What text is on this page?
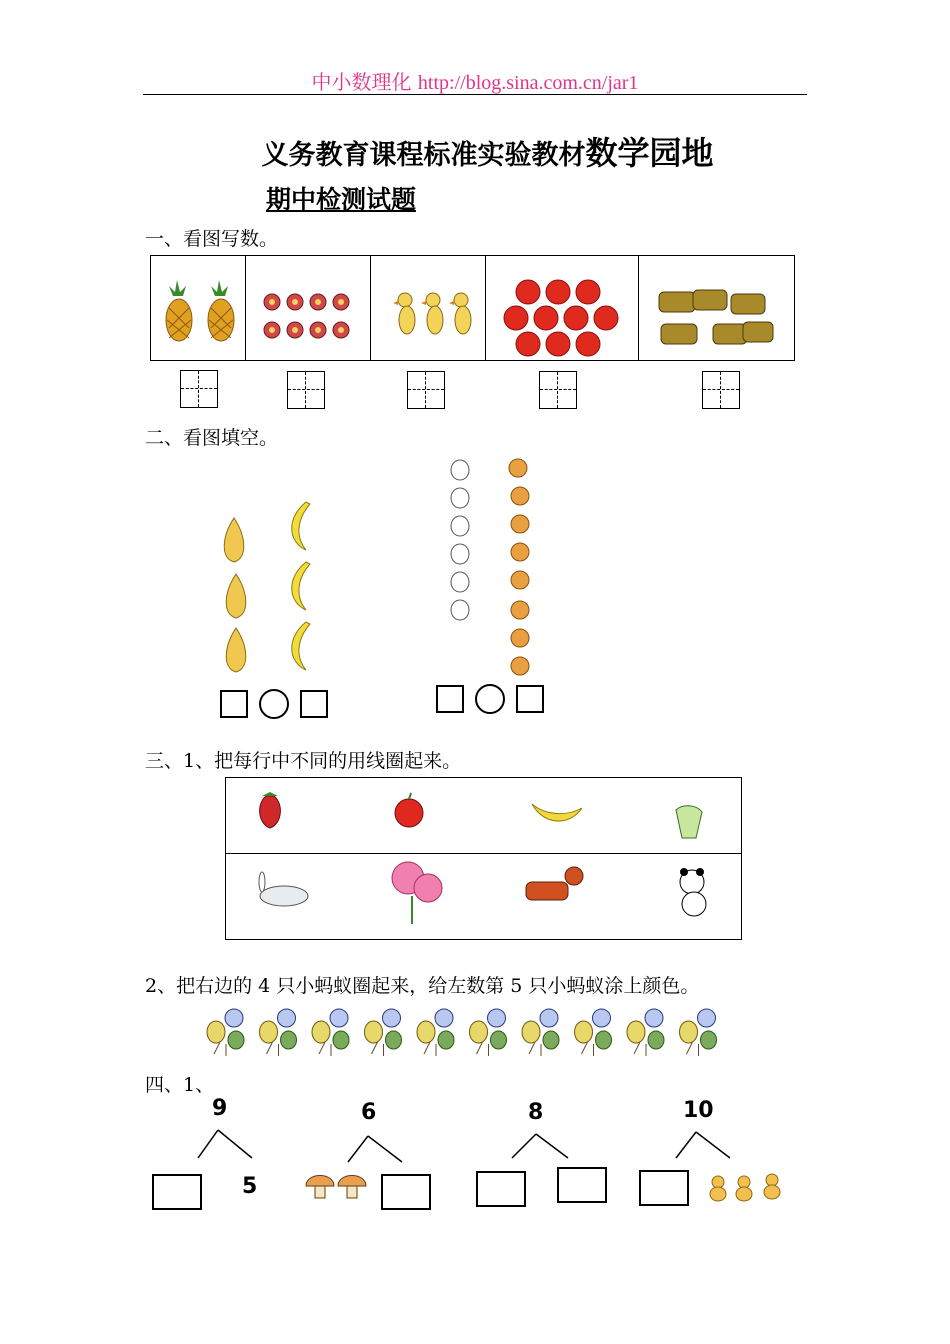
中小数理化 http://blog.sina.com.cn/jar1
义务教育课程标准实验教材数学园地
期中检测试题
一、看图写数。
二、看图填空。
三、1、把每行中不同的用线圈起来。
2、把右边的 4 只小蚂蚁圈起来，给左数第 5 只小蚂蚁涂上颜色。
四、1、
9
5
6	8	10
